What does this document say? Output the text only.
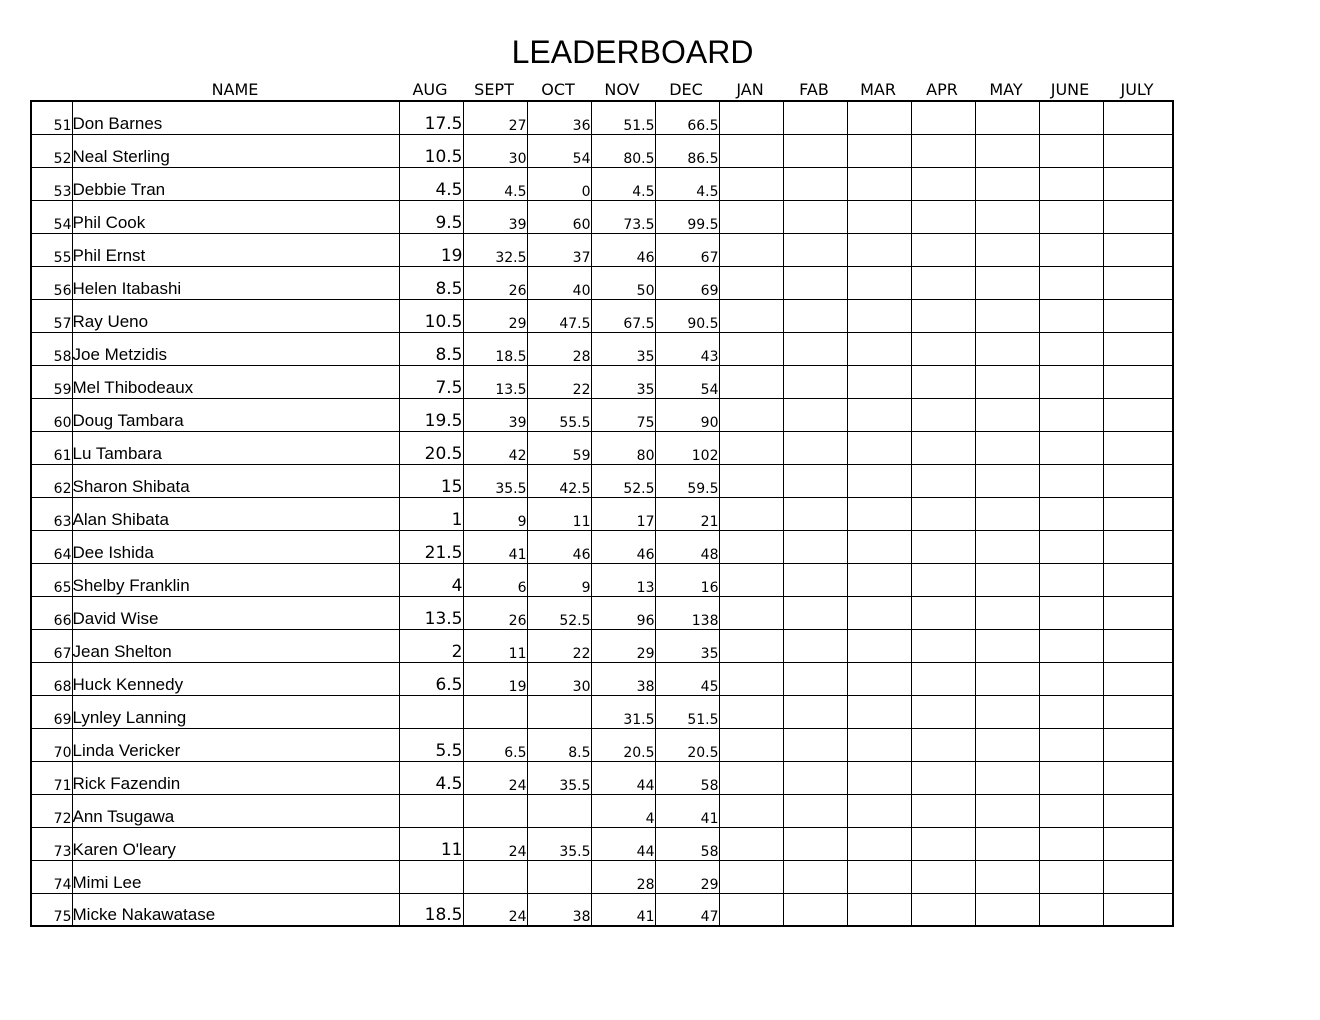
LEADERBOARD
NAME	AUG	SEPT	OCT	NOV	DEC	JAN	FAB	MAR	APR	MAY	JUNE	JULY
51	Don Barnes	17.5	27	36	51.5	66.5							
52	Neal Sterling	10.5	30	54	80.5	86.5							
53	Debbie Tran	4.5	4.5	0	4.5	4.5							
54	Phil Cook	9.5	39	60	73.5	99.5							
55	Phil Ernst	19	32.5	37	46	67							
56	Helen Itabashi	8.5	26	40	50	69							
57	Ray Ueno	10.5	29	47.5	67.5	90.5							
58	Joe Metzidis	8.5	18.5	28	35	43							
59	Mel Thibodeaux	7.5	13.5	22	35	54							
60	Doug Tambara	19.5	39	55.5	75	90							
61	Lu Tambara	20.5	42	59	80	102							
62	Sharon Shibata	15	35.5	42.5	52.5	59.5							
63	Alan Shibata	1	9	11	17	21							
64	Dee Ishida	21.5	41	46	46	48							
65	Shelby Franklin	4	6	9	13	16							
66	David Wise	13.5	26	52.5	96	138							
67	Jean Shelton	2	11	22	29	35							
68	Huck Kennedy	6.5	19	30	38	45							
69	Lynley Lanning				31.5	51.5							
70	Linda Vericker	5.5	6.5	8.5	20.5	20.5							
71	Rick Fazendin	4.5	24	35.5	44	58							
72	Ann Tsugawa				4	41							
73	Karen O'leary	11	24	35.5	44	58							
74	Mimi Lee				28	29							
75	Micke Nakawatase	18.5	24	38	41	47							
